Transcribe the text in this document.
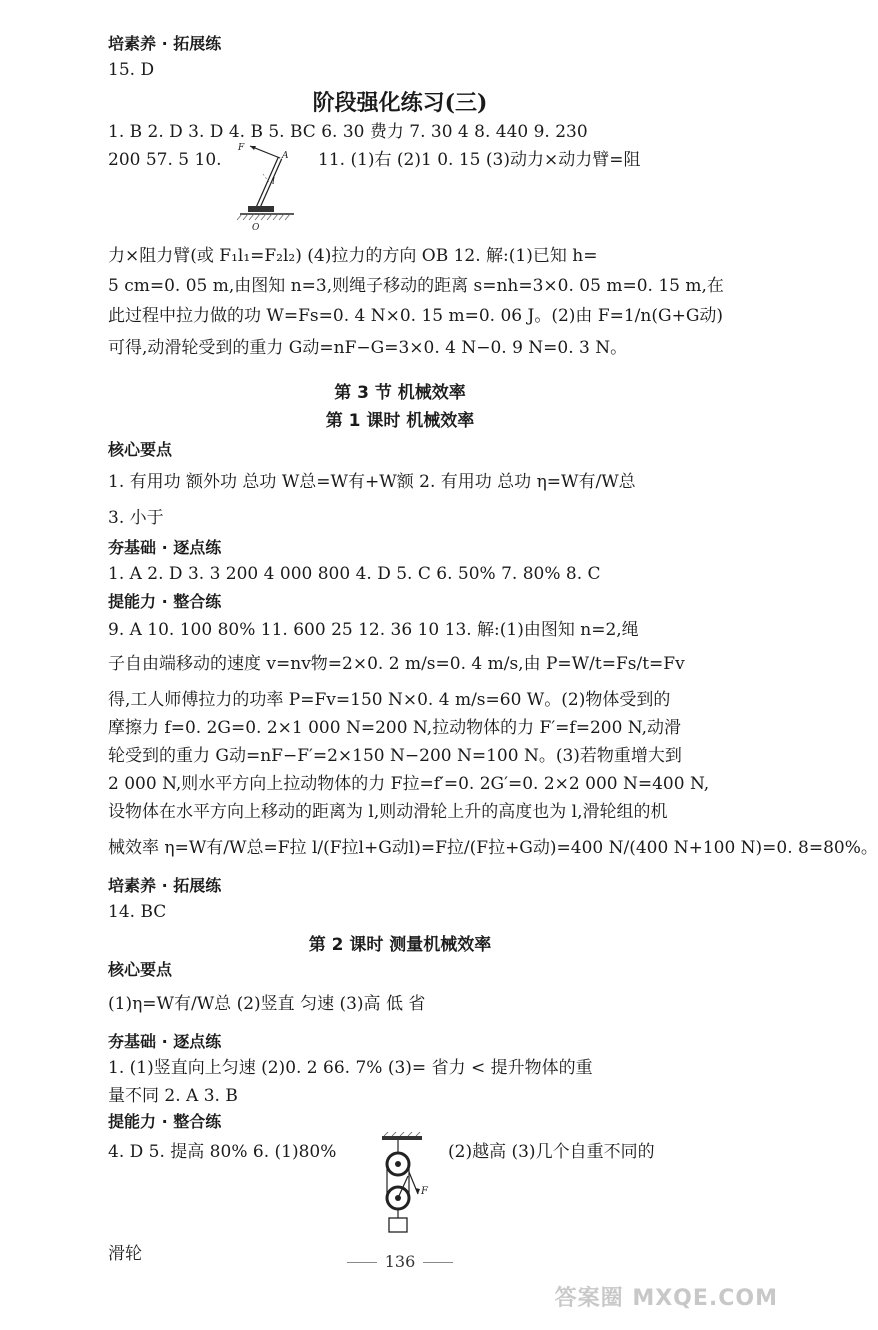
培素养 · 拓展练
15. D
阶段强化练习(三)
1. B 2. D 3. D 4. B 5. BC 6. 30 费力 7. 30 4 8. 440 9. 230
200 57. 5 10.	11. (1)右 (2)1 0. 15 (3)动力×动力臂=阻
F
A
l
O
力×阻力臂(或 F₁l₁=F₂l₂) (4)拉力的方向 OB 12. 解:(1)已知 h=
5 cm=0. 05 m,由图知 n=3,则绳子移动的距离 s=nh=3×0. 05 m=0. 15 m,在
此过程中拉力做的功 W=Fs=0. 4 N×0. 15 m=0. 06 J。(2)由 F=1/n(G+G动)
可得,动滑轮受到的重力 G动=nF−G=3×0. 4 N−0. 9 N=0. 3 N。
第 3 节 机械效率
第 1 课时 机械效率
核心要点
1. 有用功 额外功 总功 W总=W有+W额 2. 有用功 总功 η=W有/W总
3. 小于
夯基础 · 逐点练
1. A 2. D 3. 3 200 4 000 800 4. D 5. C 6. 50% 7. 80% 8. C
提能力 · 整合练
9. A 10. 100 80% 11. 600 25 12. 36 10 13. 解:(1)由图知 n=2,绳
子自由端移动的速度 v=nv物=2×0. 2 m/s=0. 4 m/s,由 P=W/t=Fs/t=Fv
得,工人师傅拉力的功率 P=Fv=150 N×0. 4 m/s=60 W。(2)物体受到的
摩擦力 f=0. 2G=0. 2×1 000 N=200 N,拉动物体的力 F′=f=200 N,动滑
轮受到的重力 G动=nF−F′=2×150 N−200 N=100 N。(3)若物重增大到
2 000 N,则水平方向上拉动物体的力 F拉=f′=0. 2G′=0. 2×2 000 N=400 N,
设物体在水平方向上移动的距离为 l,则动滑轮上升的高度也为 l,滑轮组的机
械效率 η=W有/W总=F拉 l/(F拉l+G动l)=F拉/(F拉+G动)=400 N/(400 N+100 N)=0. 8=80%。
培素养 · 拓展练
14. BC
第 2 课时 测量机械效率
核心要点
(1)η=W有/W总 (2)竖直 匀速 (3)高 低 省
夯基础 · 逐点练
1. (1)竖直向上匀速 (2)0. 2 66. 7% (3)= 省力 < 提升物体的重
量不同 2. A 3. B
提能力 · 整合练
4. D 5. 提高 80% 6. (1)80%	(2)越高 (3)几个自重不同的
F
滑轮	136
答案圈 MXQE.COM
